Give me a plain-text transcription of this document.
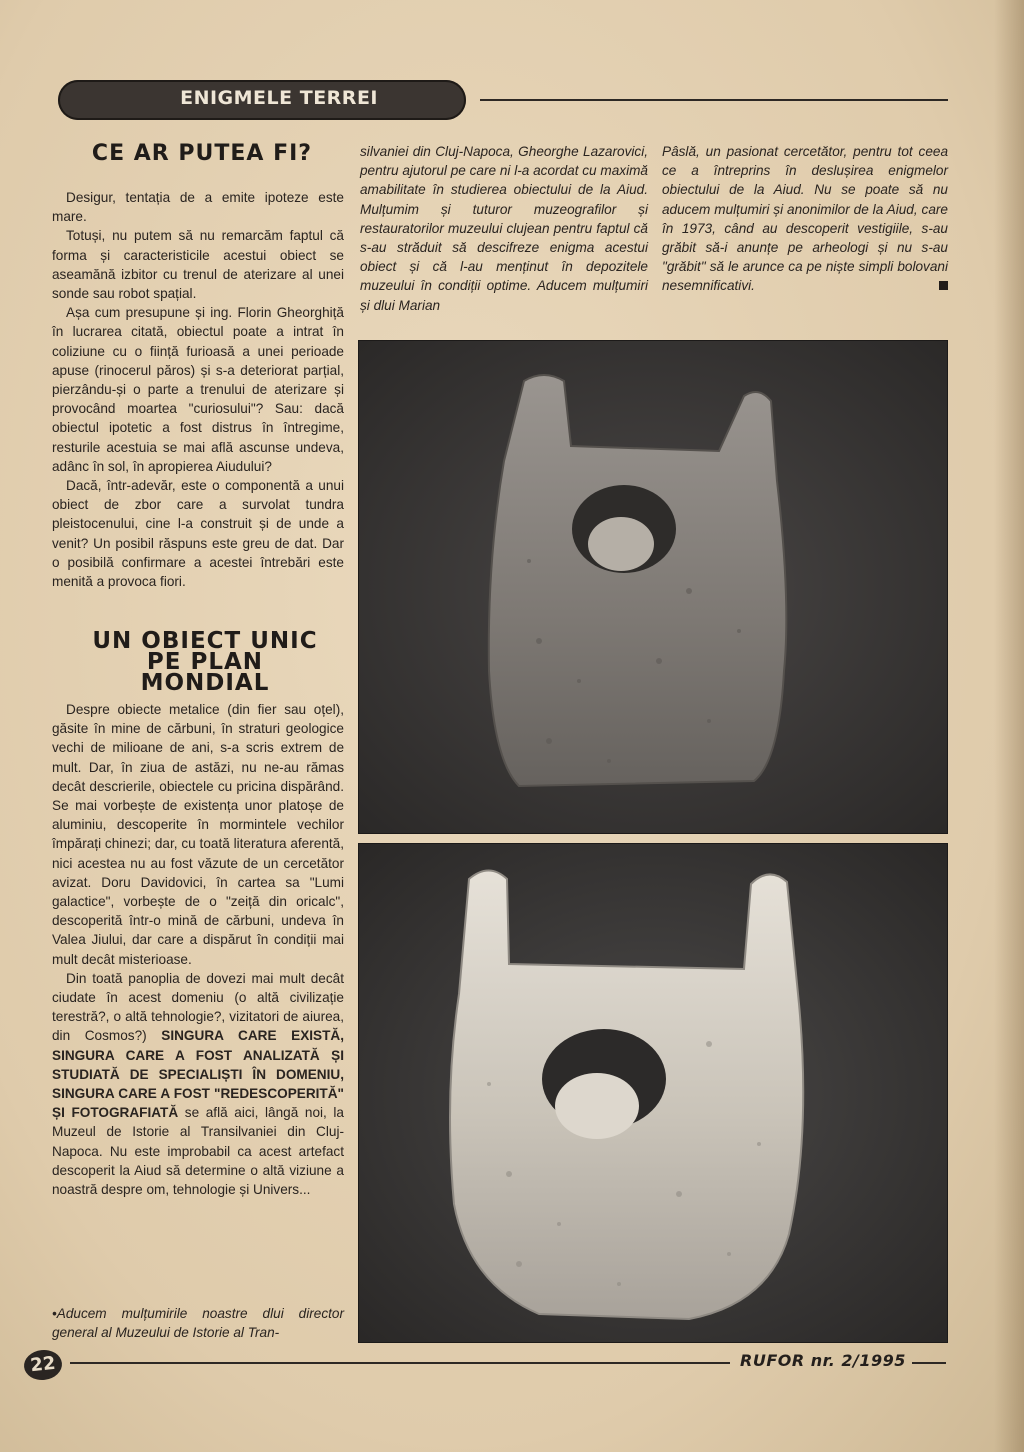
ENIGMELE TERREI
CE AR PUTEA FI?

Desigur, tentația de a emite ipoteze este mare.

Totuși, nu putem să nu remarcăm faptul că forma și caracteristicile acestui obiect se aseamănă izbitor cu trenul de aterizare al unei sonde sau robot spațial.

Așa cum presupune și ing. Florin Gheorghiță în lucrarea citată, obiectul poate a intrat în coliziune cu o ființă furioasă a unei perioade apuse (rinocerul păros) și s-a deteriorat parțial, pierzându-și o parte a trenului de aterizare și provocând moartea "curiosului"? Sau: dacă obiectul ipotetic a fost distrus în întregime, resturile acestuia se mai află ascunse undeva, adânc în sol, în apropierea Aiudului?

Dacă, într-adevăr, este o componentă a unui obiect de zbor care a survolat tundra pleistocenului, cine l-a construit și de unde a venit? Un posibil răspuns este greu de dat. Dar o posibilă confirmare a acestei întrebări este menită a provoca fiori.

UN OBIECT UNIC PE PLAN MONDIAL

Despre obiecte metalice (din fier sau oțel), găsite în mine de cărbuni, în straturi geologice vechi de milioane de ani, s-a scris extrem de mult. Dar, în ziua de astăzi, nu ne-au rămas decât descrierile, obiectele cu pricina dispărând. Se mai vorbește de existența unor platoșe de aluminiu, descoperite în mormintele vechilor împărați chinezi; dar, cu toată literatura aferentă, nici acestea nu au fost văzute de un cercetător avizat. Doru Davidovici, în cartea sa "Lumi galactice", vorbește de o "zeiță din oricalc", descoperită într-o mină de cărbuni, undeva în Valea Jiului, dar care a dispărut în condiții mai mult decât misterioase.

Din toată panoplia de dovezi mai mult decât ciudate în acest domeniu (o altă civilizație terestră?, o altă tehnologie?, vizitatori de aiurea, din Cosmos?) SINGURA CARE EXISTĂ, SINGURA CARE A FOST ANALIZATĂ ȘI STUDIATĂ DE SPECIALIȘTI ÎN DOMENIU, SINGURA CARE A FOST "REDESCOPERITĂ" ȘI FOTOGRAFIATĂ se află aici, lângă noi, la Muzeul de Istorie al Transilvaniei din Cluj- Napoca. Nu este improbabil ca acest artefact descoperit la Aiud să determine o altă viziune a noastră despre om, tehnologie și Univers...

•Aducem mulțumirile noastre dlui director general al Muzeului de Istorie al Tran-

silvaniei din Cluj-Napoca, Gheorghe Lazarovici, pentru ajutorul pe care ni l-a acordat cu maximă amabilitate în studierea obiectului de la Aiud. Mulțumim și tuturor muzeografilor și restauratorilor muzeului clujean pentru faptul că s-au străduit să descifreze enigma acestui obiect și că l-au menținut în depozitele muzeului în condiții optime. Aducem mulțumiri și dlui Marian

Pâslă, un pasionat cercetător, pentru tot ceea ce a întreprins în deslușirea enigmelor obiectului de la Aiud. Nu se poate să nu aducem mulțumiri și anonimilor de la Aiud, care în 1973, când au descoperit vestigiile, s-au grăbit să-i anunțe pe arheologi și nu s-au "grăbit" să le arunce ca pe niște simpli bolovani nesemnificativi.

22	RUFOR nr. 2/1995
